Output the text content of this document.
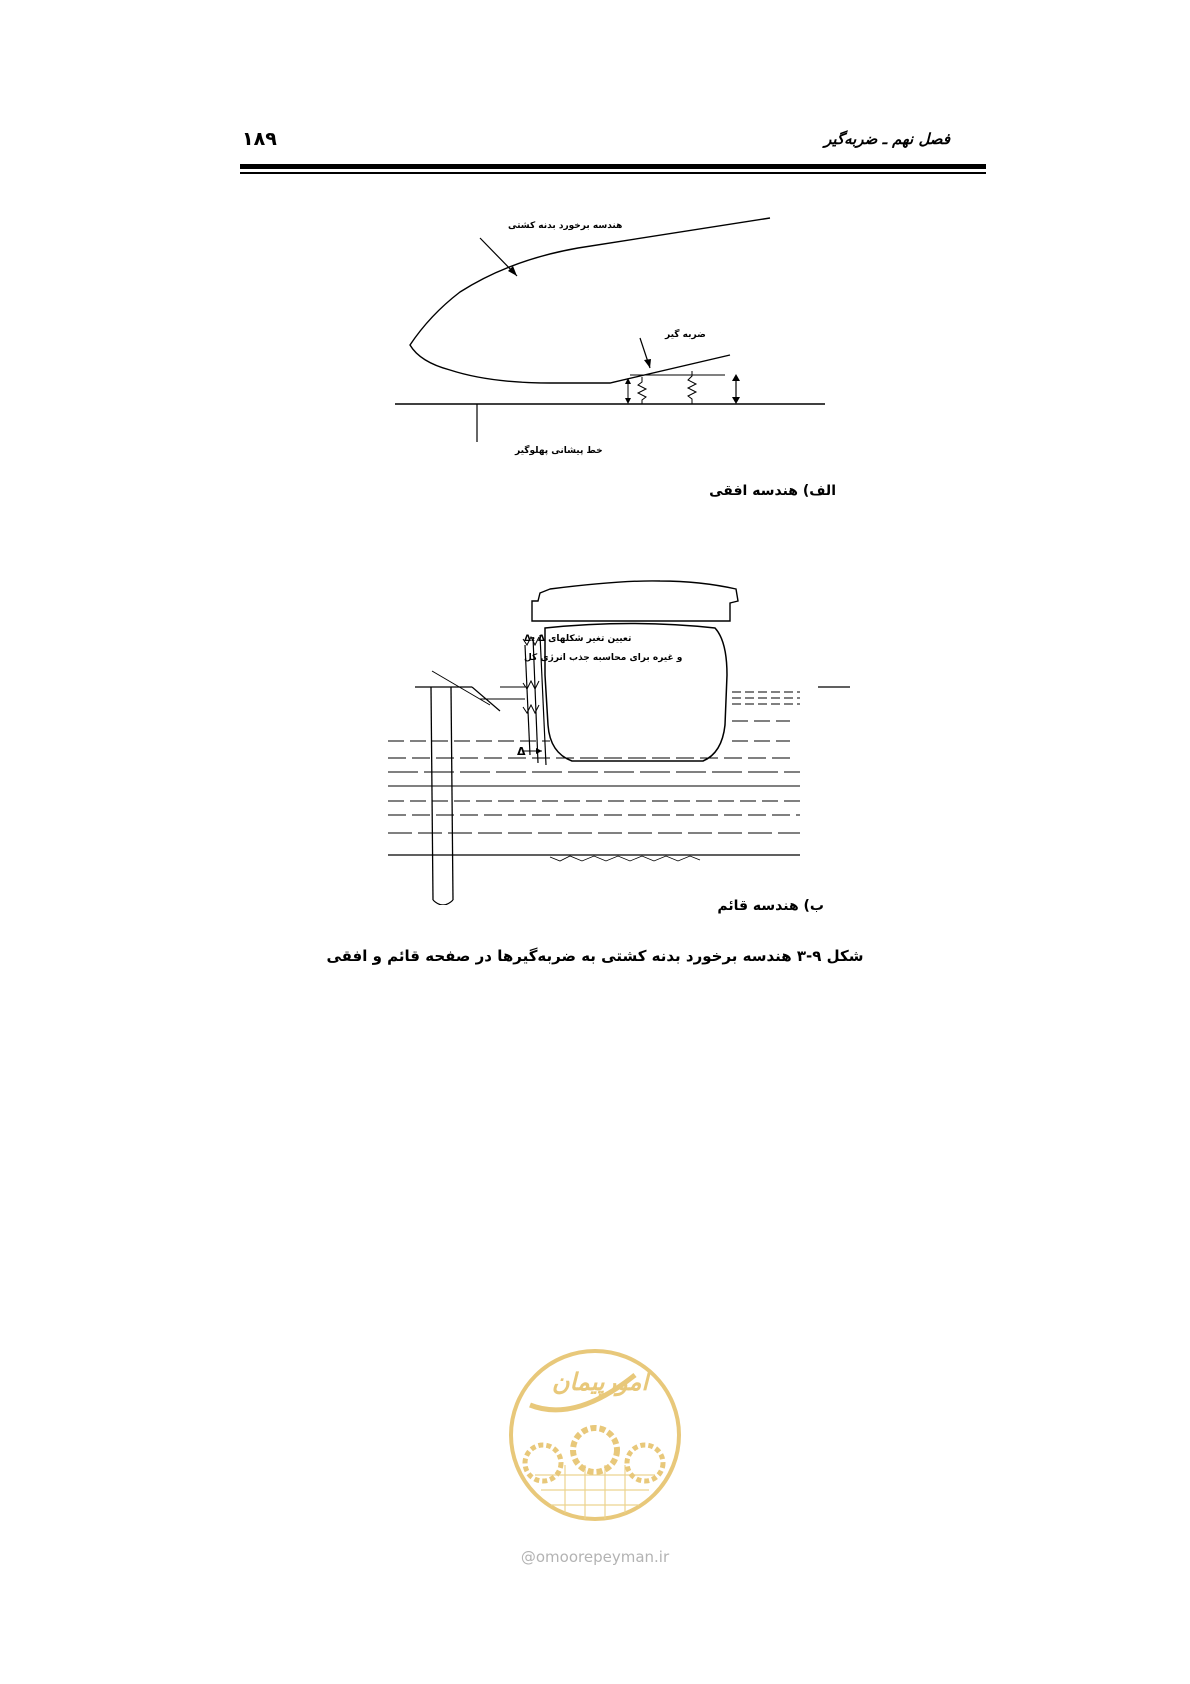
۱۸۹	فصل نهم ـ ضربه‌گیر
هندسه برخورد بدنه کشتی
ضربه گیر
خط پیشانی پهلوگیر
الف) هندسه افقی
Δ
تعیین تغیر شکلهای Δ₂ Δ
و غیره برای محاسبه جذب انرژی کل
ب) هندسه قائم
شکل ۹-۳ هندسه برخورد بدنه کشتی به ضربه‌گیرها در صفحه قائم و افقی
امورپیمان
@omoorepeyman.ir
